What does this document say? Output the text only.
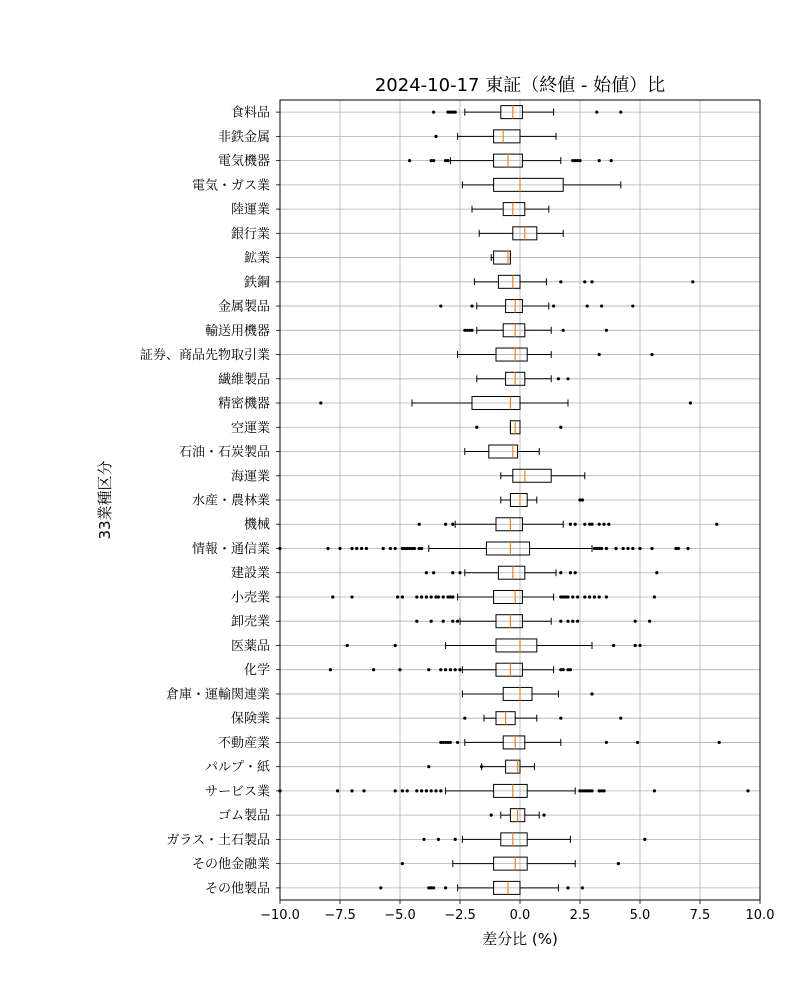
2024-10-17 東証（終値 - 始値）比
食料品
非鉄金属
電気機器
電気・ガス業
陸運業
銀行業
鉱業
鉄鋼
金属製品
輸送用機器
証券、商品先物取引業
繊維製品
精密機器
空運業
石油・石炭製品
海運業
水産・農林業
機械
情報・通信業
建設業
小売業
卸売業
医薬品
化学
倉庫・運輸関連業
保険業
不動産業
パルプ・紙
サービス業
ゴム製品
ガラス・土石製品
その他金融業
その他製品
−10.0 −7.5 −5.0 −2.5	0.0	2.5	5.0	7.5	10.0
差分比 (%)
33業種区分
